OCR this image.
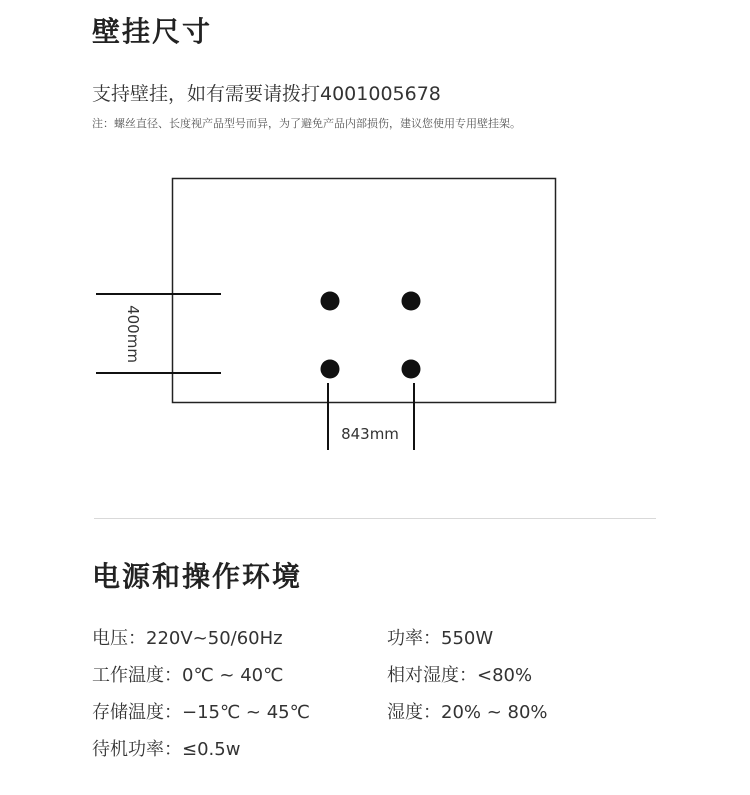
壁挂尺寸
支持壁挂，如有需要请拨打4001005678
注：螺丝直径、长度视产品型号而异，为了避免产品内部损伤，建议您使用专用壁挂架。
400mm
843mm
电源和操作环境
电压：220V~50/60Hz	功率：550W
工作温度：0℃ ~ 40℃	相对湿度：<80%
存储温度：−15℃ ~ 45℃	湿度：20% ~ 80%
待机功率：≤0.5w
